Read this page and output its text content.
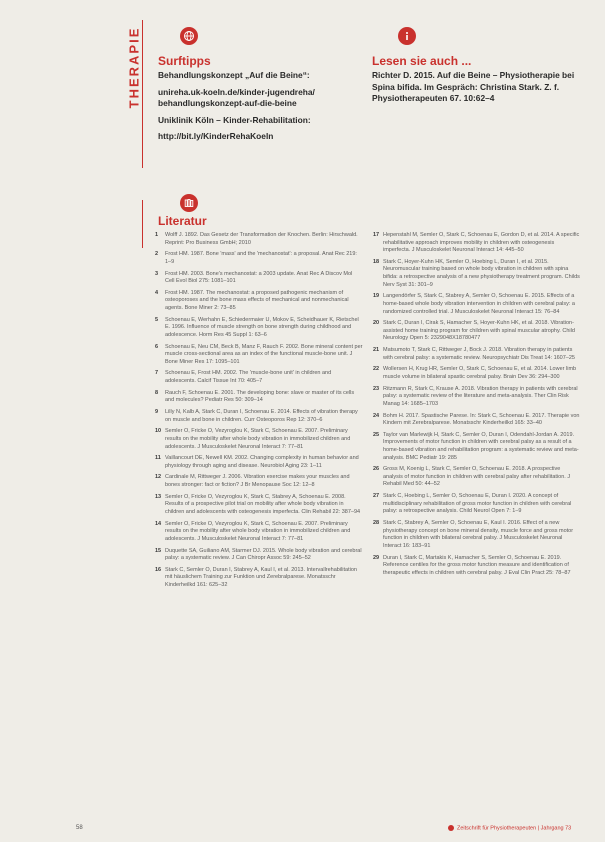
THERAPIE Surftipps

Behandlungskonzept „Auf die Beine“:

unireha.uk-koeln.de/kinder-jugendreha/

behandlungskonzept-auf-die-beine

Uniklinik Köln – Kinder-Rehabilitation:

http://bit.ly/KinderRehaKoeln

Lesen sie auch ...

Richter D. 2015. Auf die Beine – Physiotherapie bei

Spina bifida. Im Gespräch: Christina Stark. Z. f.

Physiotherapeuten 67. 10:62–4

Literatur
1 Wolff J. 1892. Das Gesetz der Transformation der Knochen. Berlin: Hirschwald. Reprint: Pro Business GmbH; 2010
2 Frost HM. 1987. Bone 'mass' and the 'mechanostat': a proposal. Anat Rec 219: 1–9
3 Frost HM. 2003. Bone's mechanostat: a 2003 update. Anat Rec A Discov Mol Cell Evol Biol 275: 1081–101
4 Frost HM. 1987. The mechanostat: a proposed pathogenic mechanism of osteoporoses and the bone mass effects of mechanical and nonmechanical agents. Bone Miner 2: 73–85
5 Schoenau E, Werhahn E, Schiedermaier U, Mokov E, Scheidhauer K, Rietschel E. 1996. Influence of muscle strength on bone strength during childhood and adolescence. Horm Res 45 Suppl 1: 63–6
6 Schoenau E, Neu CM, Beck B, Manz F, Rauch F. 2002. Bone mineral content per muscle cross-sectional area as an index of the functional muscle-bone unit. J Bone Miner Res 17: 1095–101
7 Schoenau E, Frost HM. 2002. The 'muscle-bone unit' in children and adolescents. Calcif Tissue Int 70: 405–7
8 Rauch F, Schoenau E. 2001. The developing bone: slave or master of its cells and molecules? Pediatr Res 50: 309–14
9 Lilly N, Kalb A, Stark C, Duran I, Schoenau E. 2014. Effects of vibration therapy on muscle and bone in children. Curr Osteoporos Rep 12: 370–6
10 Semler O, Fricke O, Vezyroglou K, Stark C, Schoenau E. 2007. Preliminary results on the mobility after whole body vibration in immobilized children and adolescents. J Musculoskelet Neuronal Interact 7: 77–81
11 Vaillancourt DE, Newell KM. 2002. Changing complexity in human behavior and physiology through aging and disease. Neurobiol Aging 23: 1–11
12 Cardinale M, Rittweger J. 2006. Vibration exercise makes your muscles and bones stronger: fact or fiction? J Br Menopause Soc 12: 12–8
13 Semler O, Fricke O, Vezyroglou K, Stark C, Stabrey A, Schoenau E. 2008. Results of a prospective pilot trial on mobility after whole body vibration in children and adolescents with osteogenesis imperfecta. Clin Rehabil 22: 387–94
14 Semler O, Fricke O, Vezyroglou K, Stark C, Schoenau E. 2007. Preliminary results on the mobility after whole body vibration in immobilized children and adolescents. J Musculoskelet Neuronal Interact 7: 77–81
15 Duquette SA, Guiliano AM, Starmer DJ. 2015. Whole body vibration and cerebral palsy: a systematic review. J Can Chiropr Assoc 59: 245–52
16 Stark C, Semler O, Duran I, Stabrey A, Kaul I, et al. 2013. Intervallrehabilitation mit häuslichem Training zur Funktion und Zerebralparese. Monatsschr Kinderheilkd 161: 625–32
17 Hepenstahl M, Semler O, Stark C, Schoenau E, Gordon D, et al. 2014. A specific rehabilitative approach improves mobility in children with osteogenesis imperfecta. J Musculoskelet Neuronal Interact 14: 445–50
18 Stark C, Hoyer-Kuhn HK, Semler O, Hoebing L, Duran I, et al. 2015. Neuromuscular training based on whole body vibration in children with spina bifida: a retrospective analysis of a new physiotherapy treatment program. Childs Nerv Syst 31: 301–9
19 Langendörfer S, Stark C, Stabrey A, Semler O, Schoenau E. 2015. Effects of a home-based whole body vibration intervention in children with cerebral palsy: a randomized controlled trial. J Musculoskelet Neuronal Interact 15: 76–84
20 Stark C, Duran I, Cirak S, Hamacher S, Hoyer-Kuhn HK, et al. 2018. Vibration-assisted home training program for children with spinal muscular atrophy. Child Neurology Open 5: 2329048X18780477
21 Matsumoto T, Stark C, Rittweger J, Bock J. 2018. Vibration therapy in patients with cerebral palsy: a systematic review. Neuropsychiatr Dis Treat 14: 1607–25
22 Wollersen H, Krug HR, Semler O, Stark C, Schoenau E, et al. 2014. Lower limb muscle volume in bilateral spastic cerebral palsy. Brain Dev 36: 294–300
23 Ritzmann R, Stark C, Krause A. 2018. Vibration therapy in patients with cerebral palsy: a systematic review of the literature and meta-analysis. Ther Clin Risk Manag 14: 1685–1703
24 Bohm H. 2017. Spastische Parese. In: Stark C, Schoenau E. 2017. Therapie von Kindern mit Zerebralparese. Monatsschr Kinderheilkd 165: 33–40
25 Taylor van Marlewijk H, Stark C, Semler O, Duran I, Odendahl-Jordan A. 2019. Improvements of motor function in children with cerebral palsy as a result of a home-based vibration and rehabilitation program: a systematic review and meta-analysis. BMC Pediatr 19: 285
26 Gross M, Koenig L, Stark C, Semler O, Schoenau E. 2018. A prospective analysis of motor function in children with cerebral palsy after rehabilitation. J Rehabil Med 50: 44–52
27 Stark C, Hoebing L, Semler O, Schoenau E, Duran I. 2020. A concept of multidisciplinary rehabilitation of gross motor function in children with cerebral palsy: a retrospective analysis. Child Neurol Open 7: 1–9
28 Stark C, Stabrey A, Semler O, Schoenau E, Kaul I. 2016. Effect of a new physiotherapy concept on bone mineral density, muscle force and gross motor function in children with bilateral cerebral palsy. J Musculoskelet Neuronal Interact 16: 183–91
29 Duran I, Stark C, Martakis K, Hamacher S, Semler O, Schoenau E. 2019. Reference centiles for the gross motor function measure and identification of therapeutic effects in children with cerebral palsy. J Eval Clin Pract 25: 78–87
58	Zeitschrift für Physiotherapeuten | Jahrgang 73
